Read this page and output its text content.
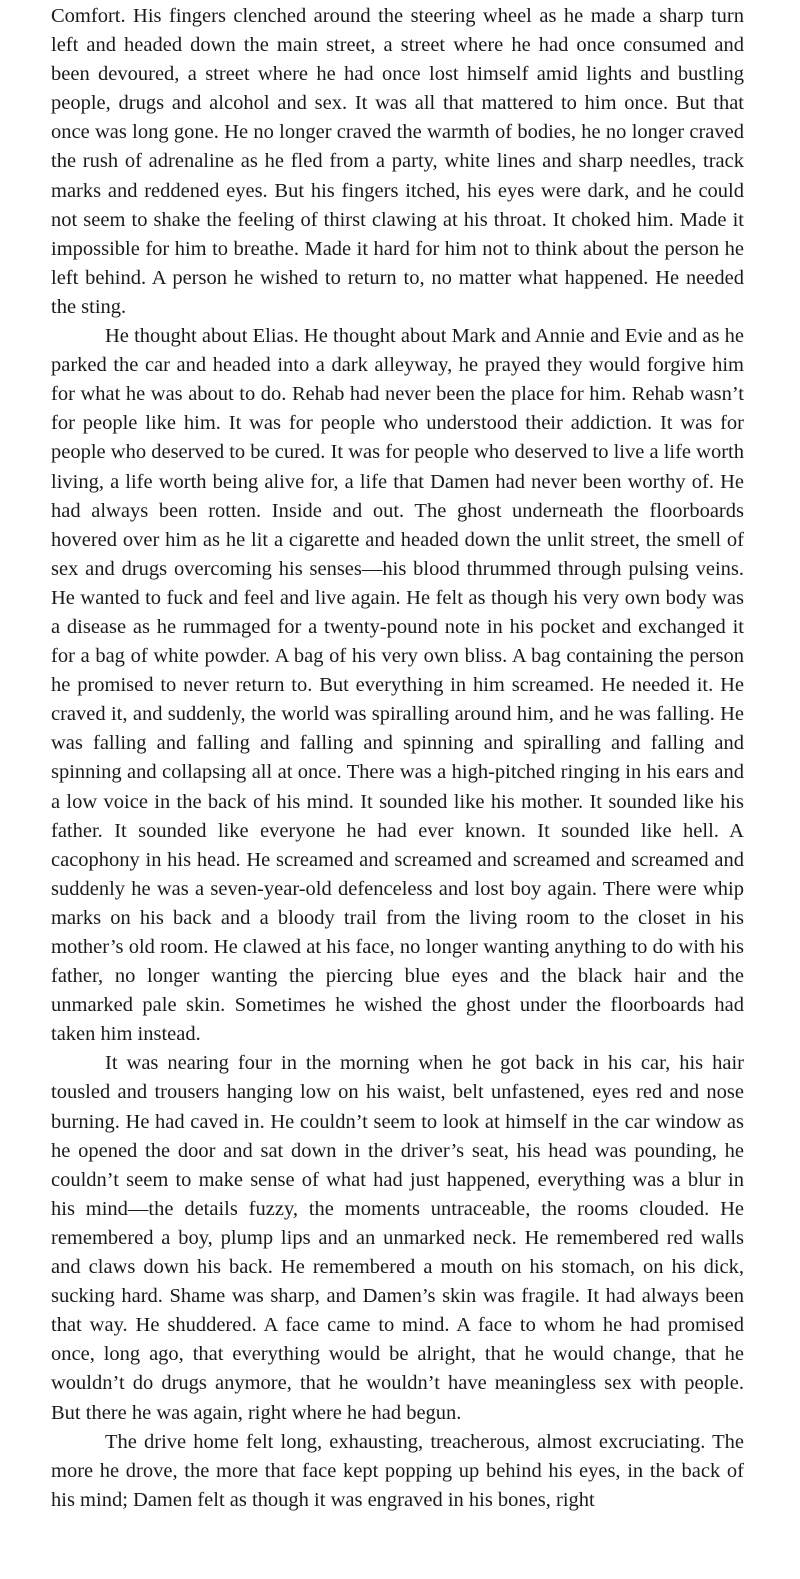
Comfort. His fingers clenched around the steering wheel as he made a sharp turn left and headed down the main street, a street where he had once consumed and been devoured, a street where he had once lost himself amid lights and bustling people, drugs and alcohol and sex. It was all that mattered to him once. But that once was long gone. He no longer craved the warmth of bodies, he no longer craved the rush of adrenaline as he fled from a party, white lines and sharp needles, track marks and reddened eyes. But his fingers itched, his eyes were dark, and he could not seem to shake the feeling of thirst clawing at his throat. It choked him. Made it impossible for him to breathe. Made it hard for him not to think about the person he left behind. A person he wished to return to, no matter what happened. He needed the sting.

He thought about Elias. He thought about Mark and Annie and Evie and as he parked the car and headed into a dark alleyway, he prayed they would forgive him for what he was about to do. Rehab had never been the place for him. Rehab wasn’t for people like him. It was for people who understood their addiction. It was for people who deserved to be cured. It was for people who deserved to live a life worth living, a life worth being alive for, a life that Damen had never been worthy of. He had always been rotten. Inside and out. The ghost underneath the floorboards hovered over him as he lit a cigarette and headed down the unlit street, the smell of sex and drugs overcoming his senses—his blood thrummed through pulsing veins. He wanted to fuck and feel and live again. He felt as though his very own body was a disease as he rummaged for a twenty-pound note in his pocket and exchanged it for a bag of white powder. A bag of his very own bliss. A bag containing the person he promised to never return to. But everything in him screamed. He needed it. He craved it, and suddenly, the world was spiralling around him, and he was falling. He was falling and falling and falling and spinning and spiralling and falling and spinning and collapsing all at once. There was a high-pitched ringing in his ears and a low voice in the back of his mind. It sounded like his mother. It sounded like his father. It sounded like everyone he had ever known. It sounded like hell. A cacophony in his head. He screamed and screamed and screamed and screamed and suddenly he was a seven-year-old defenceless and lost boy again. There were whip marks on his back and a bloody trail from the living room to the closet in his mother’s old room. He clawed at his face, no longer wanting anything to do with his father, no longer wanting the piercing blue eyes and the black hair and the unmarked pale skin. Sometimes he wished the ghost under the floorboards had taken him instead.

It was nearing four in the morning when he got back in his car, his hair tousled and trousers hanging low on his waist, belt unfastened, eyes red and nose burning. He had caved in. He couldn’t seem to look at himself in the car window as he opened the door and sat down in the driver’s seat, his head was pounding, he couldn’t seem to make sense of what had just happened, everything was a blur in his mind—the details fuzzy, the moments untraceable, the rooms clouded. He remembered a boy, plump lips and an unmarked neck. He remembered red walls and claws down his back. He remembered a mouth on his stomach, on his dick, sucking hard. Shame was sharp, and Damen’s skin was fragile. It had always been that way. He shuddered. A face came to mind. A face to whom he had promised once, long ago, that everything would be alright, that he would change, that he wouldn’t do drugs anymore, that he wouldn’t have meaningless sex with people. But there he was again, right where he had begun.

The drive home felt long, exhausting, treacherous, almost excruciating. The more he drove, the more that face kept popping up behind his eyes, in the back of his mind; Damen felt as though it was engraved in his bones, right
